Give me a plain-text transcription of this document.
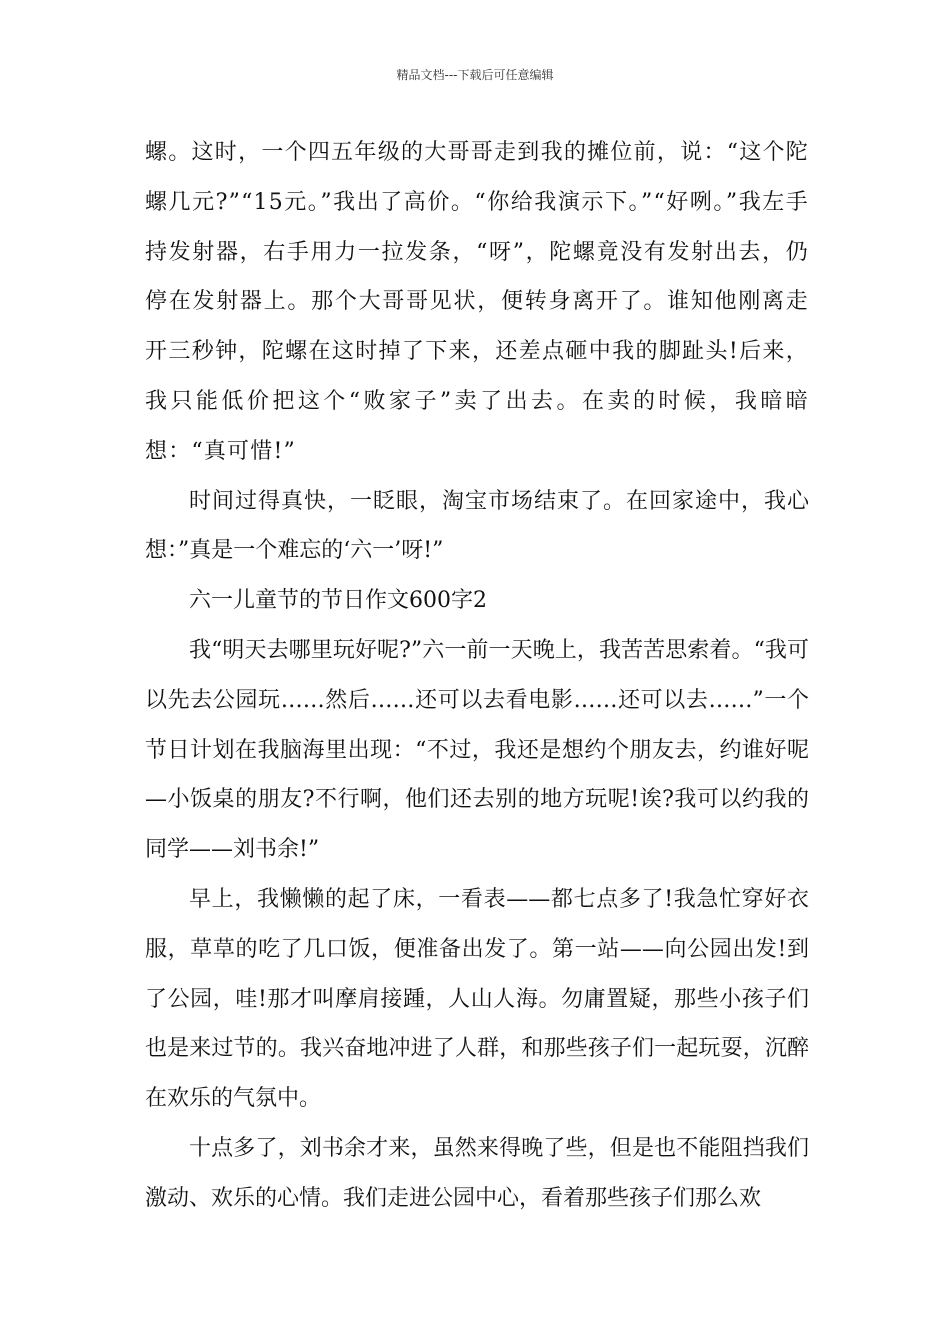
精品文档---下载后可任意编辑

螺。这时，一个四五年级的大哥哥走到我的摊位前，说：“这个陀螺几元?”“15元。”我出了高价。“你给我演示下。”“好咧。”我左手持发射器，右手用力一拉发条，“呀”，陀螺竟没有发射出去，仍停在发射器上。那个大哥哥见状，便转身离开了。谁知他刚离走开三秒钟，陀螺在这时掉了下来，还差点砸中我的脚趾头!后来，我只能低价把这个“败家子”卖了出去。在卖的时候，我暗暗想：“真可惜!”

时间过得真快，一眨眼，淘宝市场结束了。在回家途中，我心想：”真是一个难忘的‘六一’呀!”

六一儿童节的节日作文600字2

我“明天去哪里玩好呢?”六一前一天晚上，我苦苦思索着。“我可以先去公园玩……然后……还可以去看电影……还可以去……”一个节日计划在我脑海里出现：“不过，我还是想约个朋友去，约谁好呢—小饭桌的朋友?不行啊，他们还去别的地方玩呢!诶?我可以约我的同学——刘书余!”

早上，我懒懒的起了床，一看表——都七点多了!我急忙穿好衣服，草草的吃了几口饭，便准备出发了。第一站——向公园出发!到了公园，哇!那才叫摩肩接踵，人山人海。勿庸置疑，那些小孩子们也是来过节的。我兴奋地冲进了人群，和那些孩子们一起玩耍，沉醉在欢乐的气氛中。

十点多了，刘书余才来，虽然来得晚了些，但是也不能阻挡我们激动、欢乐的心情。我们走进公园中心，看着那些孩子们那么欢
